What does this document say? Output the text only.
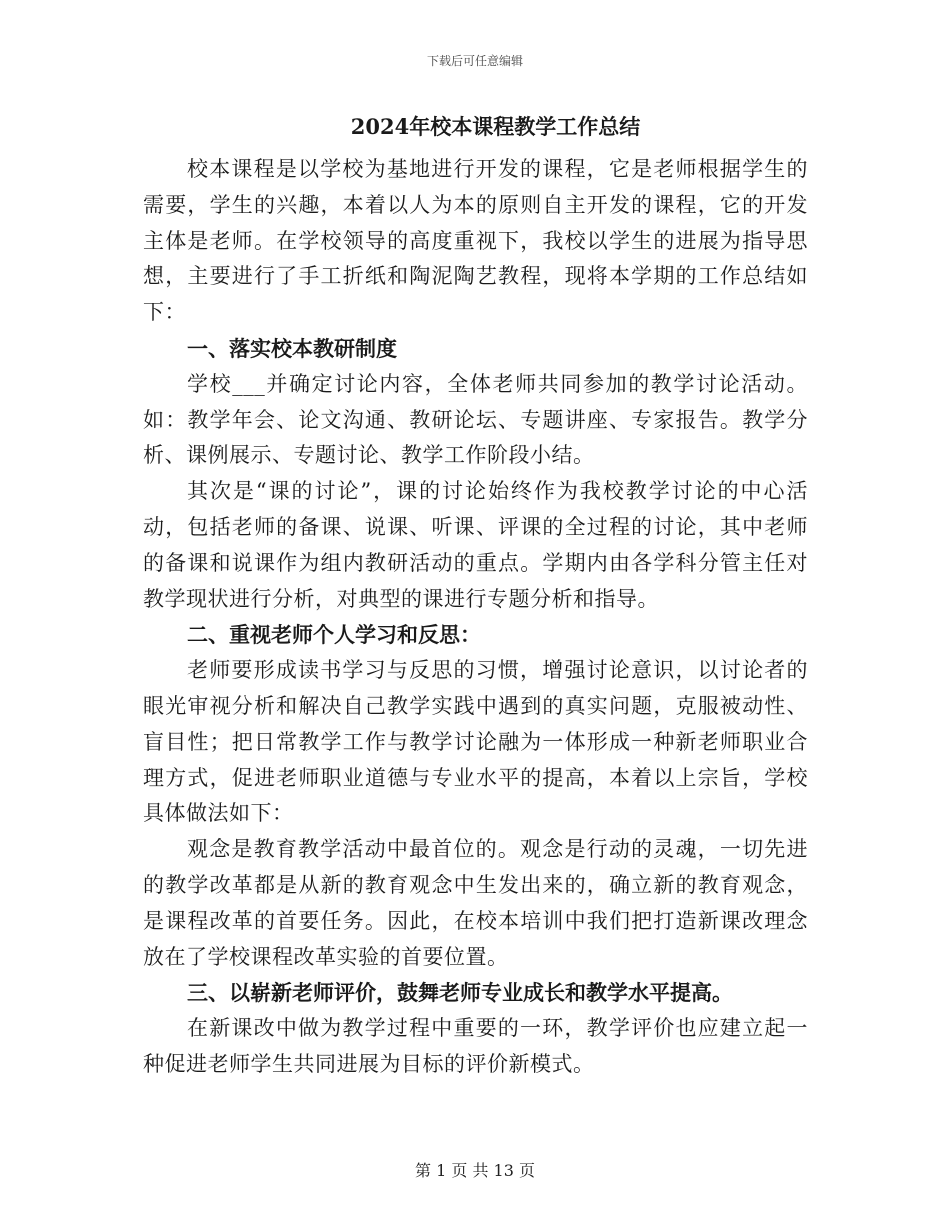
下载后可任意编辑
2024年校本课程教学工作总结

校本课程是以学校为基地进行开发的课程，它是老师根据学生的需要，学生的兴趣，本着以人为本的原则自主开发的课程，它的开发主体是老师。在学校领导的高度重视下，我校以学生的进展为指导思想，主要进行了手工折纸和陶泥陶艺教程，现将本学期的工作总结如下：

一、落实校本教研制度

学校___并确定讨论内容，全体老师共同参加的教学讨论活动。如：教学年会、论文沟通、教研论坛、专题讲座、专家报告。教学分析、课例展示、专题讨论、教学工作阶段小结。

其次是“课的讨论”，课的讨论始终作为我校教学讨论的中心活动，包括老师的备课、说课、听课、评课的全过程的讨论，其中老师的备课和说课作为组内教研活动的重点。学期内由各学科分管主任对教学现状进行分析，对典型的课进行专题分析和指导。

二、重视老师个人学习和反思：

老师要形成读书学习与反思的习惯，增强讨论意识，以讨论者的眼光审视分析和解决自己教学实践中遇到的真实问题，克服被动性、盲目性；把日常教学工作与教学讨论融为一体形成一种新老师职业合理方式，促进老师职业道德与专业水平的提高，本着以上宗旨，学校具体做法如下：

观念是教育教学活动中最首位的。观念是行动的灵魂，一切先进的教学改革都是从新的教育观念中生发出来的，确立新的教育观念，是课程改革的首要任务。因此，在校本培训中我们把打造新课改理念放在了学校课程改革实验的首要位置。

三、以崭新老师评价，鼓舞老师专业成长和教学水平提高。

在新课改中做为教学过程中重要的一环，教学评价也应建立起一种促进老师学生共同进展为目标的评价新模式。

第 1 页 共 13 页
